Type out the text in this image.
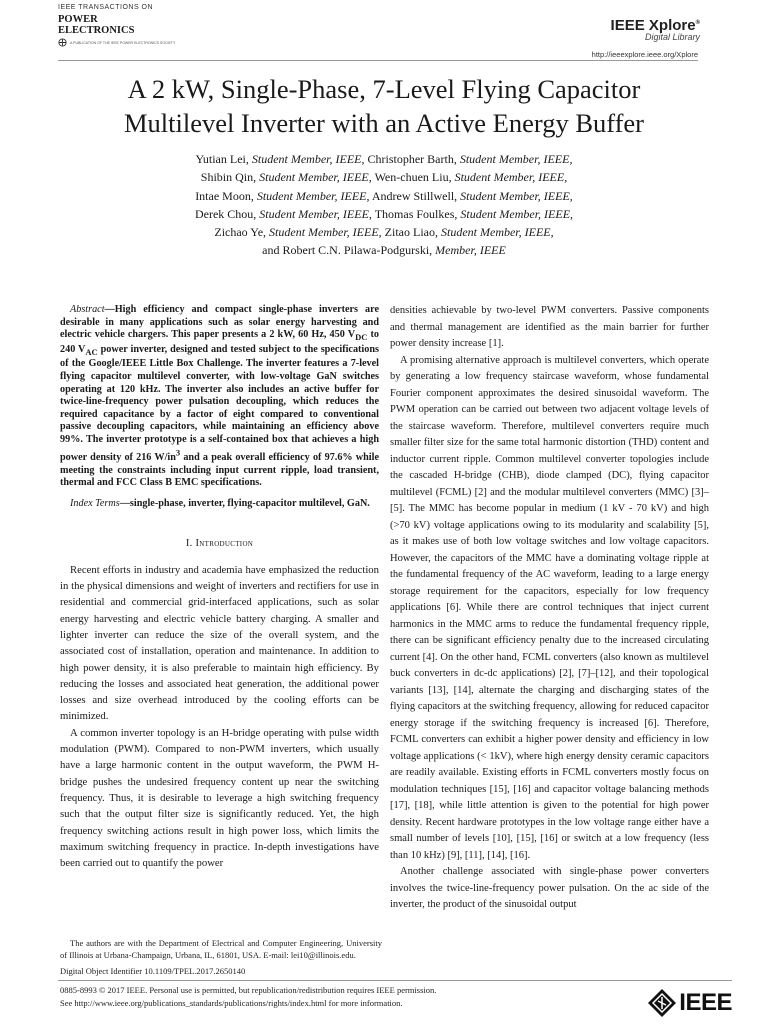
IEEE TRANSACTIONS ON
POWER
ELECTRONICS
A PUBLICATION OF THE IEEE POWER ELECTRONICS SOCIETY
IEEE Xplore®
Digital Library
http://ieeexplore.ieee.org/Xplore
A 2 kW, Single-Phase, 7-Level Flying Capacitor
Multilevel Inverter with an Active Energy Buffer
Yutian Lei, Student Member, IEEE, Christopher Barth, Student Member, IEEE,
Shibin Qin, Student Member, IEEE, Wen-chuen Liu, Student Member, IEEE,
Intae Moon, Student Member, IEEE, Andrew Stillwell, Student Member, IEEE,
Derek Chou, Student Member, IEEE, Thomas Foulkes, Student Member, IEEE,
Zichao Ye, Student Member, IEEE, Zitao Liao, Student Member, IEEE,
and Robert C.N. Pilawa-Podgurski, Member, IEEE

Abstract—High efficiency and compact single-phase inverters are desirable in many applications such as solar energy harvesting and electric vehicle chargers. This paper presents a 2 kW, 60 Hz, 450 $V_{DC}$ to 240 $V_{AC}$ power inverter, designed and tested subject to the specifications of the Google/IEEE Little Box Challenge. The inverter features a 7-level flying capacitor multilevel converter, with low-voltage GaN switches operating at 120 kHz. The inverter also includes an active buffer for twice-line-frequency power pulsation decoupling, which reduces the required capacitance by a factor of eight compared to conventional passive decoupling capacitors, while maintaining an efficiency above 99%. The inverter prototype is a self-contained box that achieves a high power density of 216 $W/in^3$ and a peak overall efficiency of 97.6% while meeting the constraints including input current ripple, load transient, thermal and FCC Class B EMC specifications.

Index Terms—single-phase, inverter, flying-capacitor multilevel, GaN.

I. Introduction

Recent efforts in industry and academia have emphasized the reduction in the physical dimensions and weight of inverters and rectifiers for use in residential and commercial grid-interfaced applications, such as solar energy harvesting and electric vehicle battery charging. A smaller and lighter inverter can reduce the size of the overall system, and the associated cost of installation, operation and maintenance. In addition to high power density, it is also preferable to maintain high efficiency. By reducing the losses and associated heat generation, the additional power losses and size overhead introduced by the cooling efforts can be minimized.

A common inverter topology is an H-bridge operating with pulse width modulation (PWM). Compared to non-PWM inverters, which usually have a large harmonic content in the output waveform, the PWM H-bridge pushes the undesired frequency content up near the switching frequency. Thus, it is desirable to leverage a high switching frequency such that the output filter size is significantly reduced. Yet, the high frequency switching actions result in high power loss, which limits the maximum switching frequency in practice. In-depth investigations have been carried out to quantify the power

densities achievable by two-level PWM converters. Passive components and thermal management are identified as the main barrier for further power density increase [1].

A promising alternative approach is multilevel converters, which operate by generating a low frequency staircase waveform, whose fundamental Fourier component approximates the desired sinusoidal waveform. The PWM operation can be carried out between two adjacent voltage levels of the staircase waveform. Therefore, multilevel converters require much smaller filter size for the same total harmonic distortion (THD) content and inductor current ripple. Common multilevel converter topologies include the cascaded H-bridge (CHB), diode clamped (DC), flying capacitor multilevel (FCML) [2] and the modular multilevel converters (MMC) [3]–[5]. The MMC has become popular in medium (1 kV - 70 kV) and high (>70 kV) voltage applications owing to its modularity and scalability [5], as it makes use of both low voltage switches and low voltage capacitors. However, the capacitors of the MMC have a dominating voltage ripple at the fundamental frequency of the AC waveform, leading to a large energy storage requirement for the capacitors, especially for low frequency applications [6]. While there are control techniques that inject current harmonics in the MMC arms to reduce the fundamental frequency ripple, there can be significant efficiency penalty due to the increased circulating current [4]. On the other hand, FCML converters (also known as multilevel buck converters in dc-dc applications) [2], [7]–[12], and their topological variants [13], [14], alternate the charging and discharging states of the flying capacitors at the switching frequency, allowing for reduced capacitor energy storage if the switching frequency is increased [6]. Therefore, FCML converters can exhibit a higher power density and efficiency in low voltage applications (< 1kV), where high energy density ceramic capacitors are readily available. Existing efforts in FCML converters mostly focus on modulation techniques [15], [16] and capacitor voltage balancing methods [17], [18], while little attention is given to the potential for high power density. Recent hardware prototypes in the low voltage range either have a small number of levels [10], [15], [16] or switch at a low frequency (less than 10 kHz) [9], [11], [14], [16].

Another challenge associated with single-phase power converters involves the twice-line-frequency power pulsation. On the ac side of the inverter, the product of the sinusoidal output

The authors are with the Department of Electrical and Computer Engineering, University of Illinois at Urbana-Champaign, Urbana, IL, 61801, USA. E-mail: lei10@illinois.edu.
Digital Object Identifier 10.1109/TPEL.2017.2650140
0885-8993 © 2017 IEEE. Personal use is permitted, but republication/redistribution requires IEEE permission.
See http://www.ieee.org/publications_standards/publications/rights/index.html for more information.	IEEE
